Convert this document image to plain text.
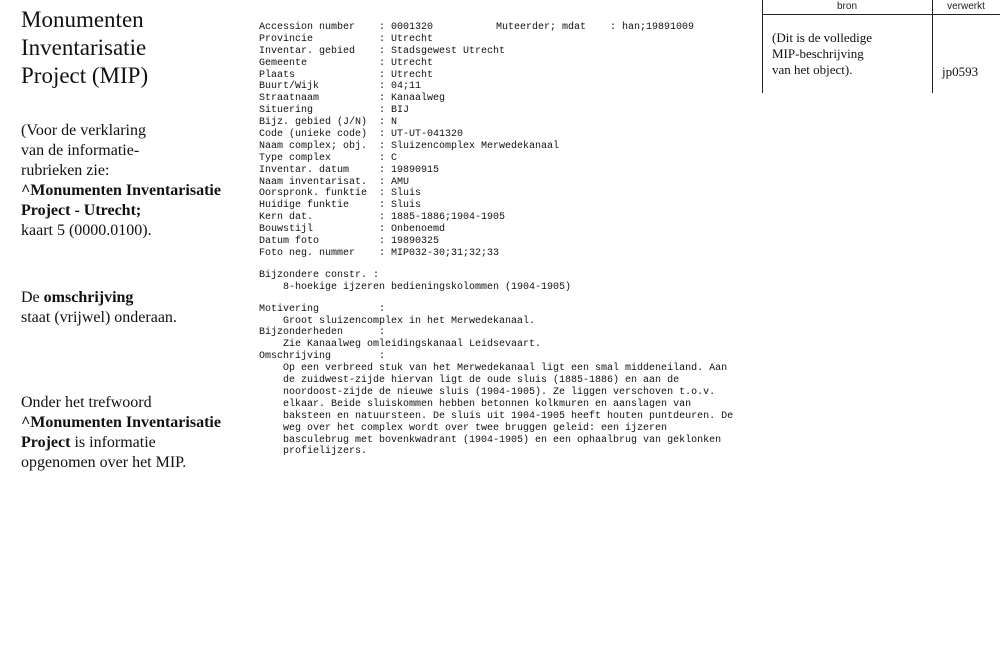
Monumenten
Inventarisatie
Project (MIP)
(Voor de verklaring
van de informatie-
rubrieken zie:
^Monumenten Inventarisatie
Project - Utrecht;
kaart 5 (0000.0100).
De omschrijving
staat (vrijwel) onderaan.
Onder het trefwoord
^Monumenten Inventarisatie
Project is informatie
opgenomen over het MIP.
Accession number : 0001320	Muteerder; mdat    : han;19891009
Provincie	: Utrecht
Inventar. gebied : Stadsgewest Utrecht
Gemeente	: Utrecht
Plaats	: Utrecht
Buurt/Wijk	: 04;11
Straatnaam	: Kanaalweg
Situering	: BIJ
Bijz. gebied (J/N) : N
Code (unieke code) : UT-UT-041320
Naam complex; obj. : Sluizencomplex Merwedekanaal
Type complex	: C
Inventar. datum	: 19890915
Naam inventarisat. : AMU
Oorspronk. funktie : Sluis
Huidige funktie	: Sluis
Kern dat.	: 1885-1886;1904-1905
Bouwstijl	: Onbenoemd
Datum foto	: 19890325
Foto neg. nummer : MIP032-30;31;32;33
Bijzondere constr. :
8-hoekige ijzeren bedieningskolommen (1904-1905)
Motivering          :
Groot sluizencomplex in het Merwedekanaal.
Bijzonderheden      :
Zie Kanaalweg omleidingskanaal Leidsevaart.
Omschrijving        :
Op een verbreed stuk van het Merwedekanaal ligt een smal middeneiland. Aan
de zuidwest-zijde hiervan ligt de oude sluis (1885-1886) en aan de
noordoost-zijde de nieuwe sluis (1904-1905). Ze liggen verschoven t.o.v.
elkaar. Beide sluiskommen hebben betonnen kolkmuren en aanslagen van
baksteen en natuursteen. De sluis uit 1904-1905 heeft houten puntdeuren. De
weg over het complex wordt over twee bruggen geleid: een ijzeren
basculebrug met bovenkwadrant (1904-1905) en een ophaalbrug van geklonken
profielijzers.
bron	verwerkt
(Dit is de volledige
MIP-beschrijving
van het object).	jp0593
